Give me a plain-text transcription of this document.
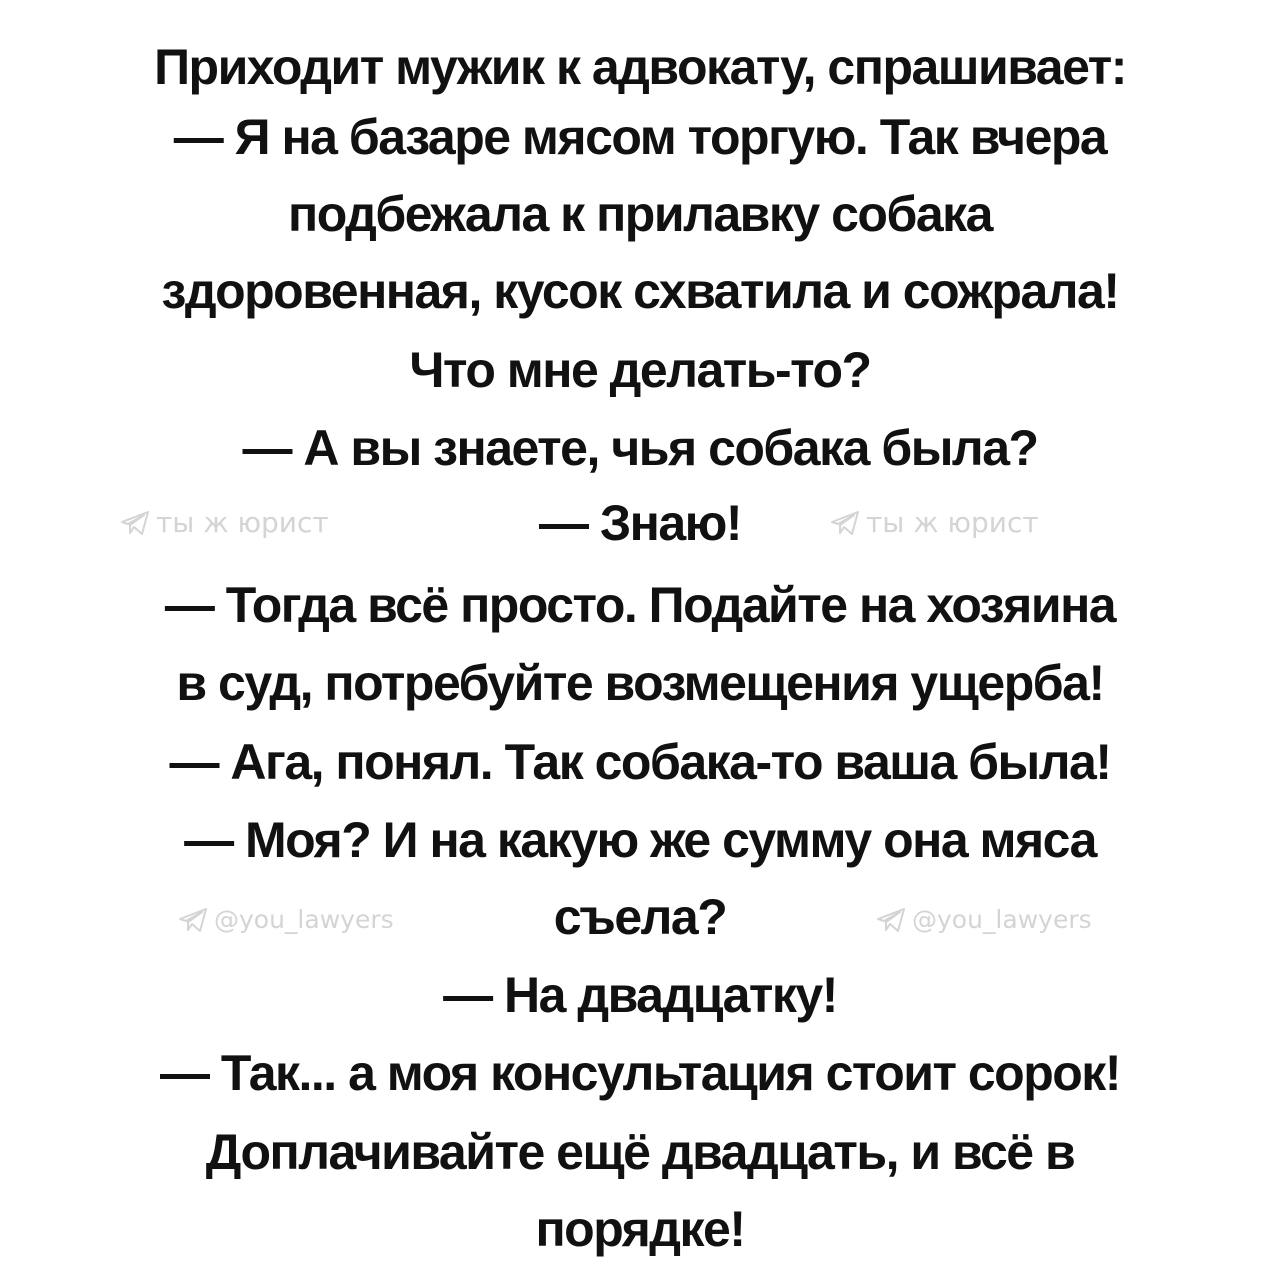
ты ж юрист	ты ж юрист
@you_lawyers	@you_lawyers
Приходит мужик к адвокату, спрашивает:
— Я на базаре мясом торгую. Так вчера
подбежала к прилавку собака
здоровенная, кусок схватила и сожрала!
Что мне делать-то?
— А вы знаете, чья собака была?
— Знаю!
— Тогда всё просто. Подайте на хозяина
в суд, потребуйте возмещения ущерба!
— Ага, понял. Так собака-то ваша была!
— Моя? И на какую же сумму она мяса
съела?
— На двадцатку!
— Так... а моя консультация стоит сорок!
Доплачивайте ещё двадцать, и всё в
порядке!
